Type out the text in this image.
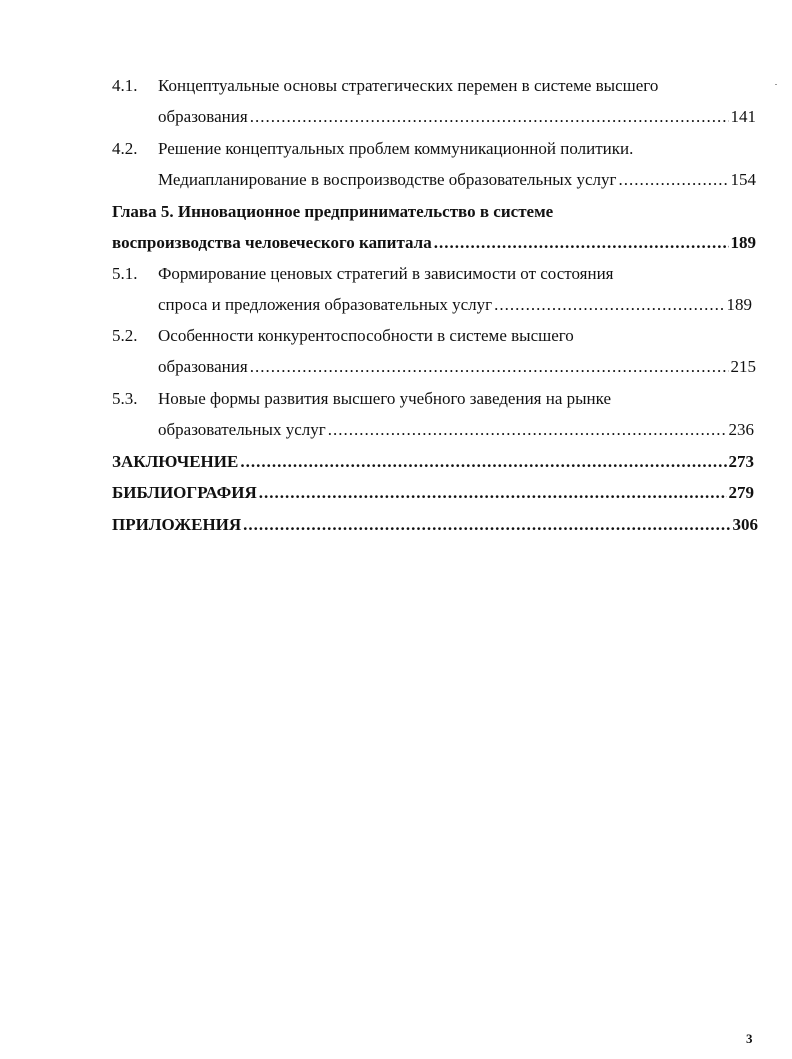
4.1. Концептуальные основы стратегических перемен в системе высшего
образования .....	141
4.2. Решение концептуальных проблем коммуникационной политики.
Медиапланирование в воспроизводстве образовательных услуг .....	154
Глава 5. Инновационное предпринимательство в системе
воспроизводства человеческого капитала .....	189
5.1. Формирование ценовых стратегий в зависимости от состояния
спроса и предложения образовательных услуг .....	189
5.2. Особенности конкурентоспособности в системе высшего
образования .....	215
5.3. Новые формы развития высшего учебного заведения на рынке
образовательных услуг .....	236
ЗАКЛЮЧЕНИЕ .....	273
БИБЛИОГРАФИЯ .....	279
ПРИЛОЖЕНИЯ .....	306
3
